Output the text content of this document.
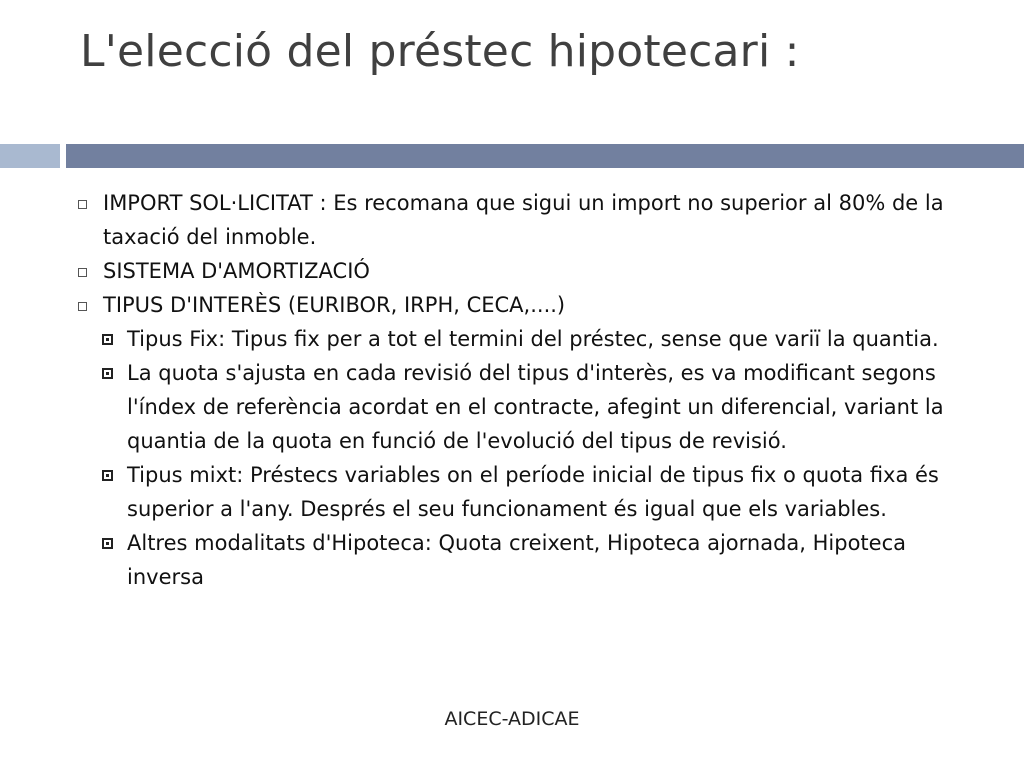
L'elecció del préstec hipotecari :
IMPORT SOL·LICITAT : Es recomana que sigui un import no superior al 80% de la taxació del inmoble.
SISTEMA D'AMORTIZACIÓ
TIPUS D'INTERÈS (EURIBOR, IRPH, CECA,....)
Tipus Fix: Tipus fix per a tot el termini del préstec, sense que variï la quantia.
La quota s'ajusta en cada revisió del tipus d'interès, es va modificant segons l'índex de referència acordat en el contracte, afegint un diferencial, variant la quantia de la quota en funció de l'evolució del tipus de revisió.
Tipus mixt: Préstecs variables on el període inicial de tipus fix o quota fixa és superior a l'any. Després el seu funcionament és igual que els variables.
Altres modalitats d'Hipoteca: Quota creixent, Hipoteca ajornada, Hipoteca inversa
AICEC-ADICAE
